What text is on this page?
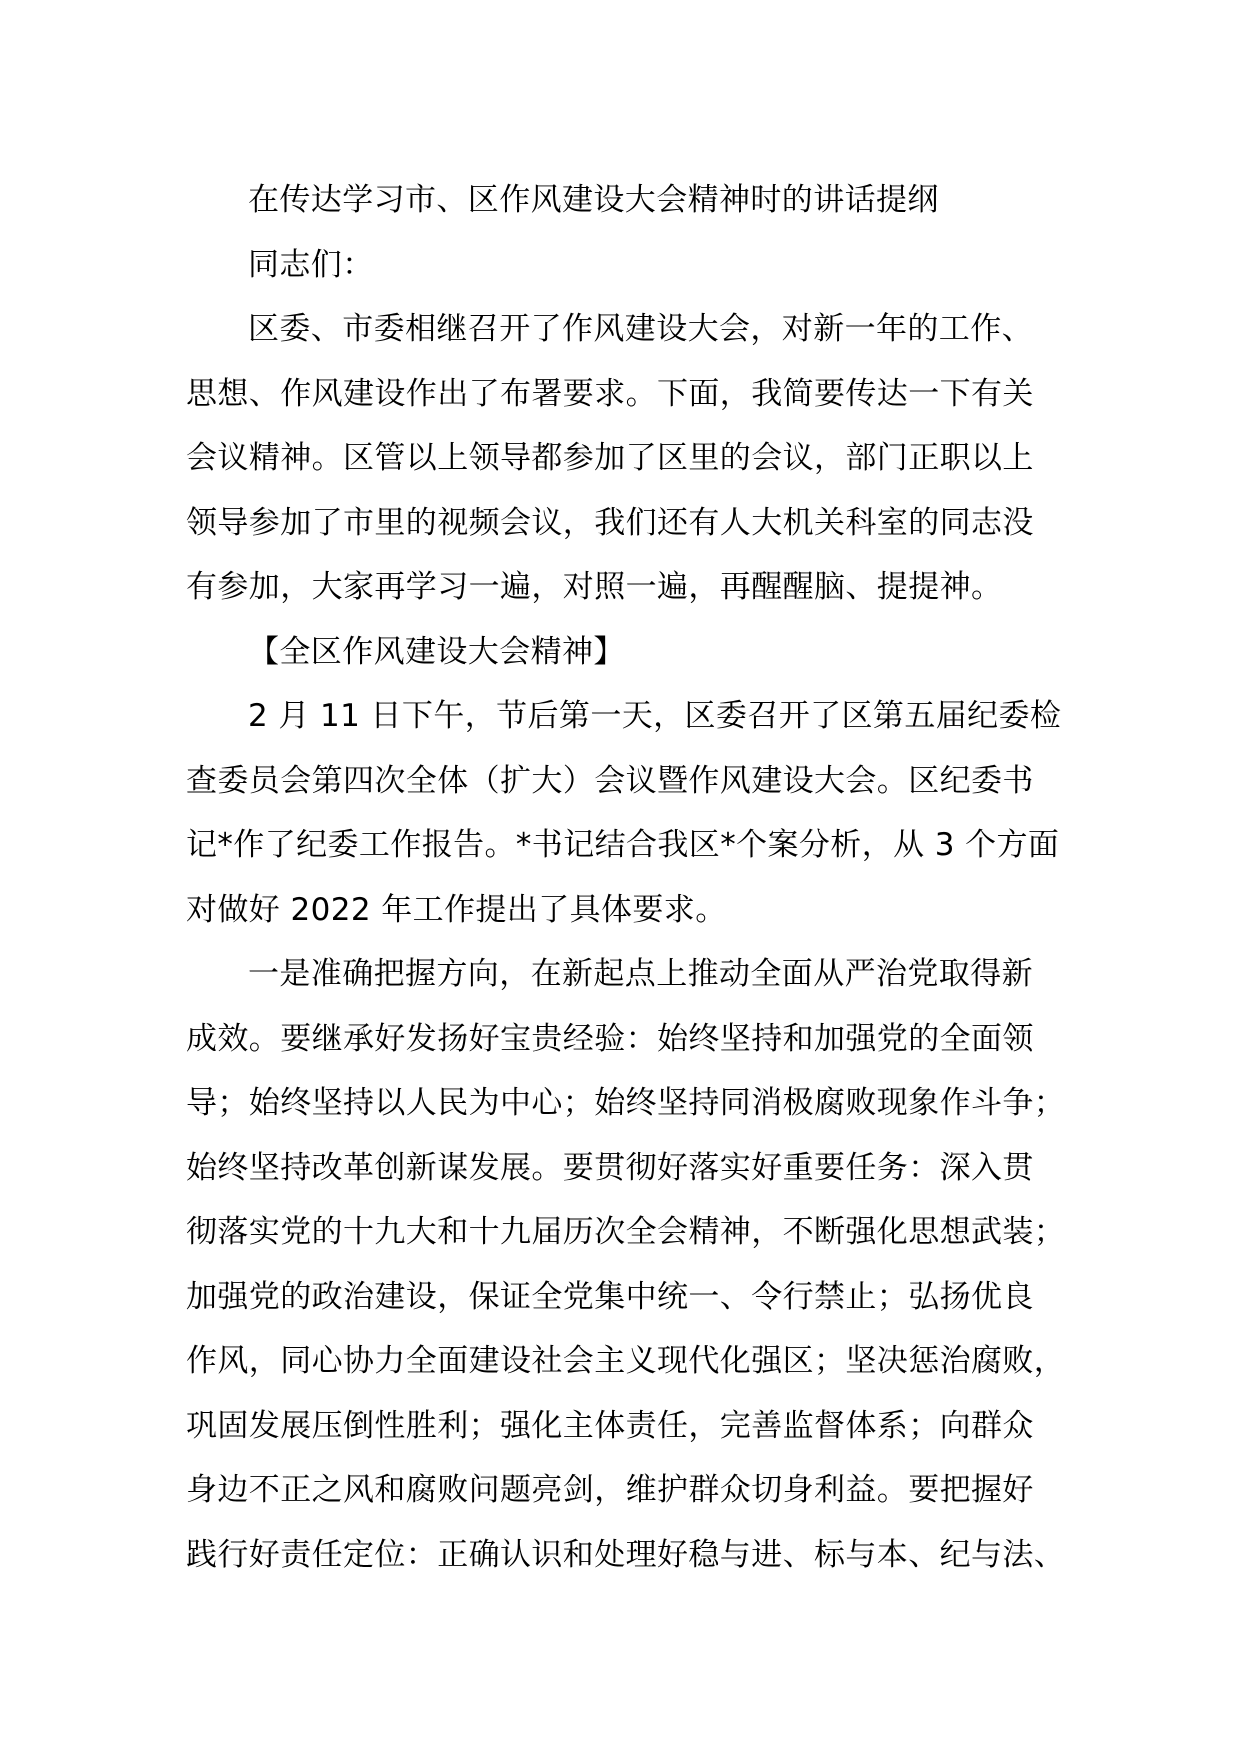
在传达学习市、区作风建设大会精神时的讲话提纲
同志们：
区委、市委相继召开了作风建设大会，对新一年的工作、
思想、作风建设作出了布署要求。下面，我简要传达一下有关
会议精神。区管以上领导都参加了区里的会议，部门正职以上
领导参加了市里的视频会议，我们还有人大机关科室的同志没
有参加，大家再学习一遍，对照一遍，再醒醒脑、提提神。
【全区作风建设大会精神】
2 月 11 日下午，节后第一天，区委召开了区第五届纪委检
查委员会第四次全体（扩大）会议暨作风建设大会。区纪委书
记*作了纪委工作报告。*书记结合我区*个案分析，从 3 个方面
对做好 2022 年工作提出了具体要求。
一是准确把握方向，在新起点上推动全面从严治党取得新
成效。要继承好发扬好宝贵经验：始终坚持和加强党的全面领
导；始终坚持以人民为中心；始终坚持同消极腐败现象作斗争；
始终坚持改革创新谋发展。要贯彻好落实好重要任务：深入贯
彻落实党的十九大和十九届历次全会精神，不断强化思想武装；
加强党的政治建设，保证全党集中统一、令行禁止；弘扬优良
作风，同心协力全面建设社会主义现代化强区；坚决惩治腐败，
巩固发展压倒性胜利；强化主体责任，完善监督体系；向群众
身边不正之风和腐败问题亮剑，维护群众切身利益。要把握好
践行好责任定位：正确认识和处理好稳与进、标与本、纪与法、
